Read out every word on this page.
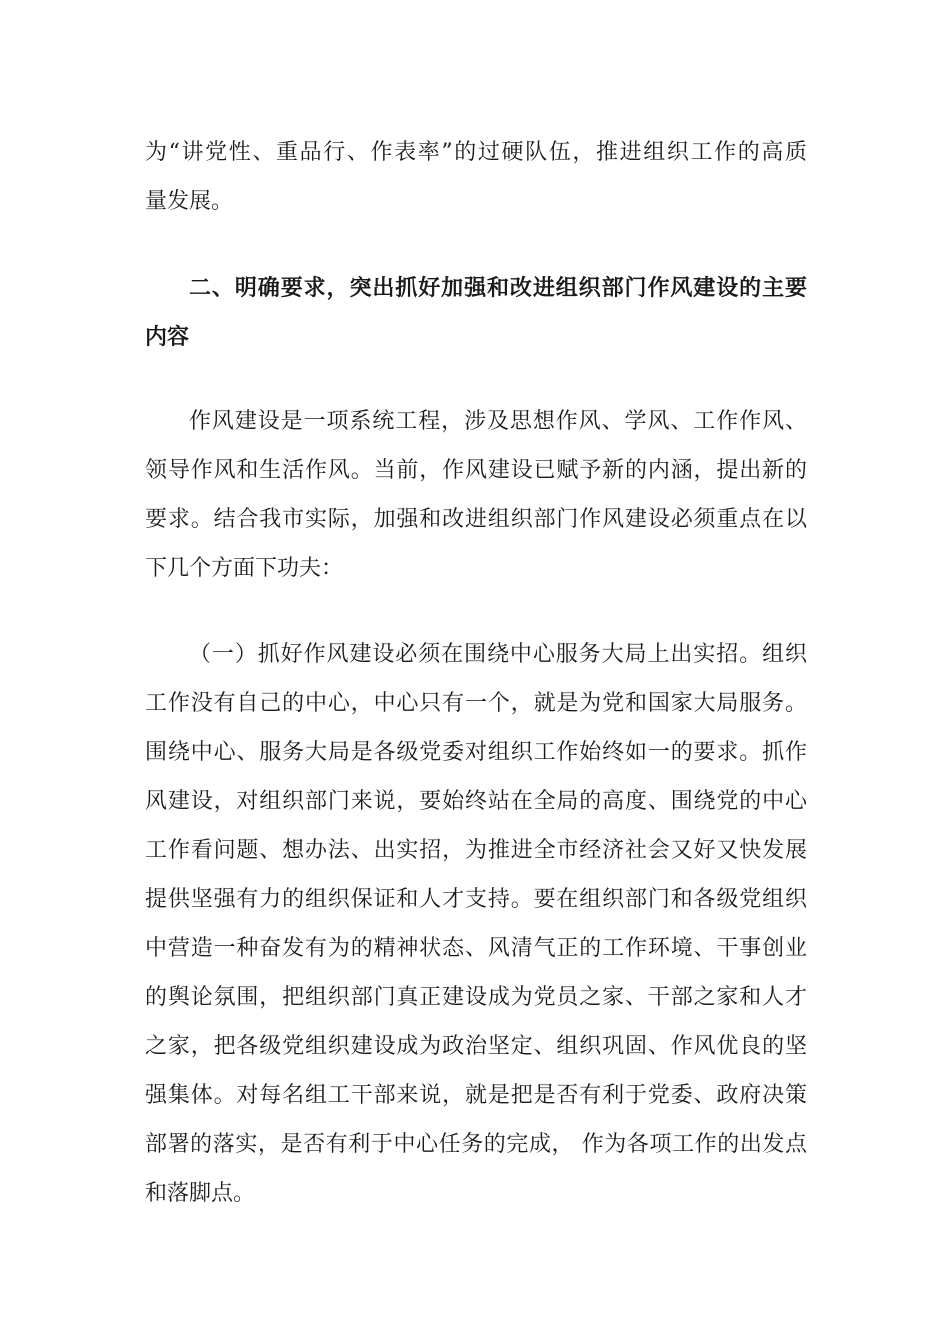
为“讲党性、重品行、作表率”的过硬队伍，推进组织工作的高质
量发展。
二、明确要求，突出抓好加强和改进组织部门作风建设的主要
内容
作风建设是一项系统工程，涉及思想作风、学风、工作作风、
领导作风和生活作风。当前，作风建设已赋予新的内涵，提出新的
要求。结合我市实际，加强和改进组织部门作风建设必须重点在以
下几个方面下功夫：
（一）抓好作风建设必须在围绕中心服务大局上出实招。组织
工作没有自己的中心，中心只有一个，就是为党和国家大局服务。
围绕中心、服务大局是各级党委对组织工作始终如一的要求。抓作
风建设，对组织部门来说，要始终站在全局的高度、围绕党的中心
工作看问题、想办法、出实招，为推进全市经济社会又好又快发展
提供坚强有力的组织保证和人才支持。要在组织部门和各级党组织
中营造一种奋发有为的精神状态、风清气正的工作环境、干事创业
的舆论氛围，把组织部门真正建设成为党员之家、干部之家和人才
之家，把各级党组织建设成为政治坚定、组织巩固、作风优良的坚
强集体。对每名组工干部来说，就是把是否有利于党委、政府决策
部署的落实，是否有利于中心任务的完成， 作为各项工作的出发点
和落脚点。
